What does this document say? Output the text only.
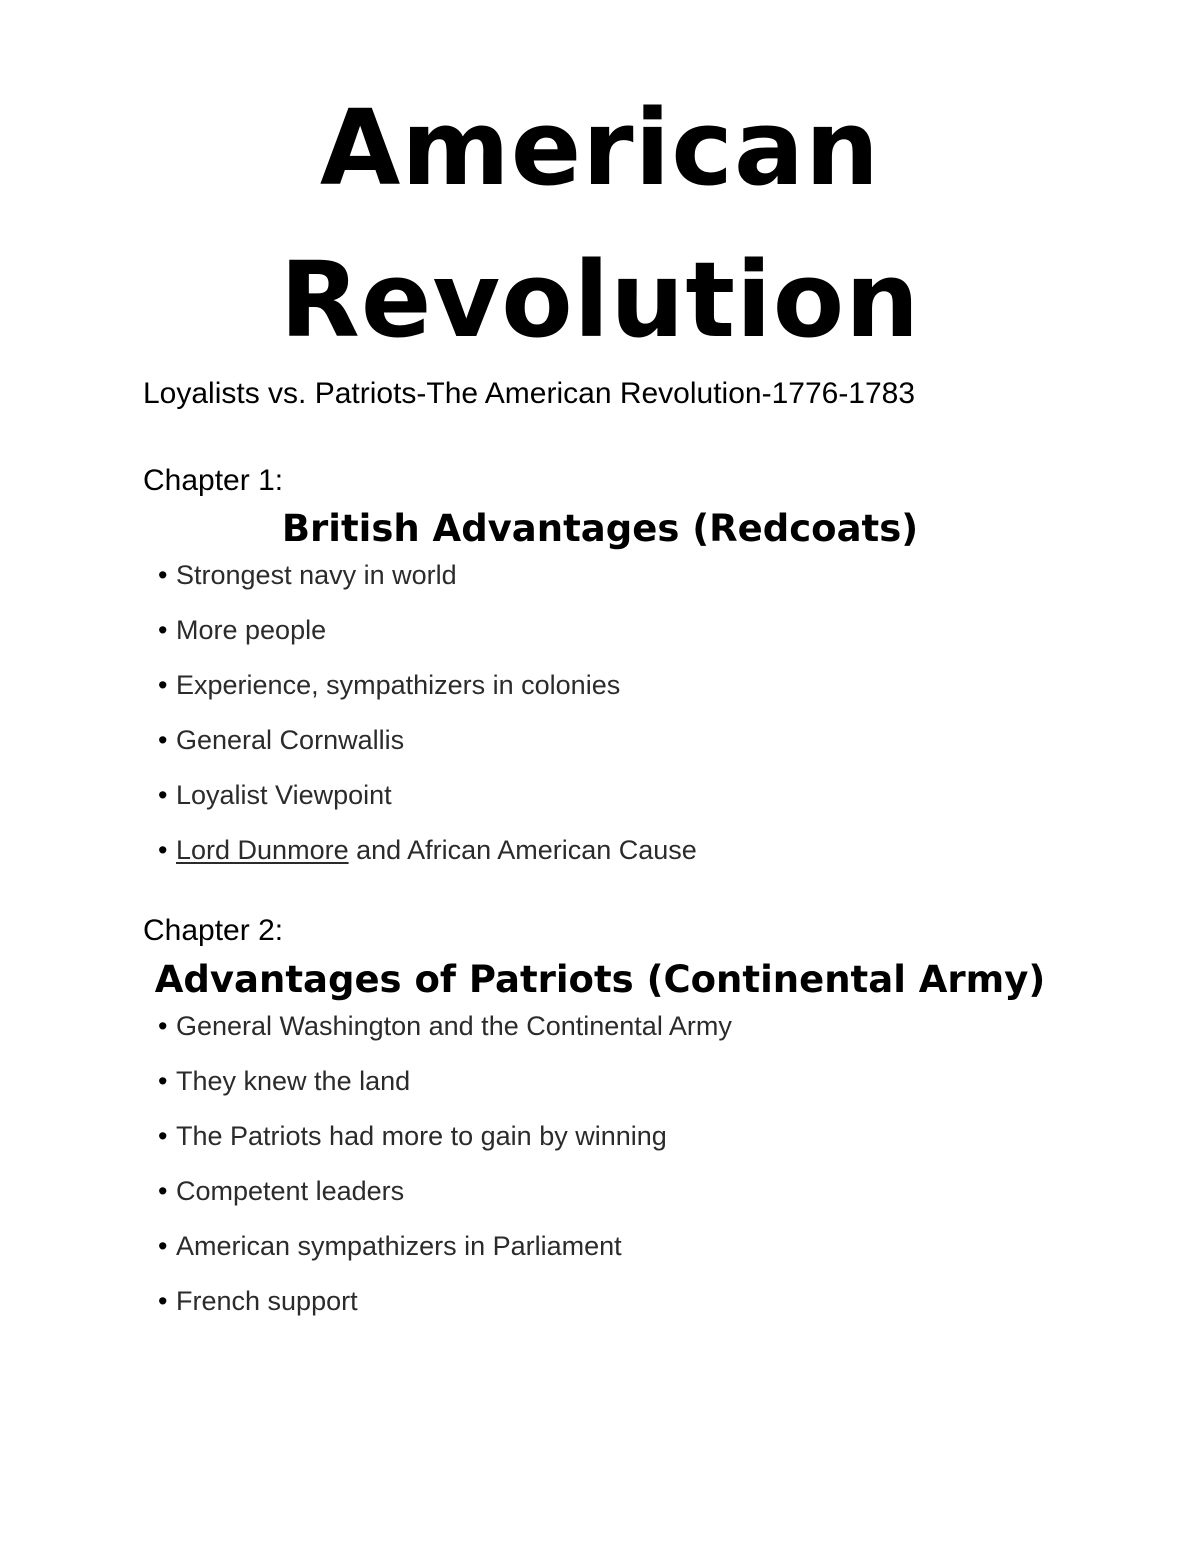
American
Revolution
Loyalists vs. Patriots-The American Revolution-1776-1783
Chapter 1:
British Advantages (Redcoats)
• Strongest navy in world
• More people
• Experience, sympathizers in colonies
• General Cornwallis
• Loyalist Viewpoint
• Lord Dunmore and African American Cause
Chapter 2:
Advantages of Patriots (Continental Army)
• General Washington and the Continental Army
• They knew the land
• The Patriots had more to gain by winning
• Competent leaders
• American sympathizers in Parliament
• French support
